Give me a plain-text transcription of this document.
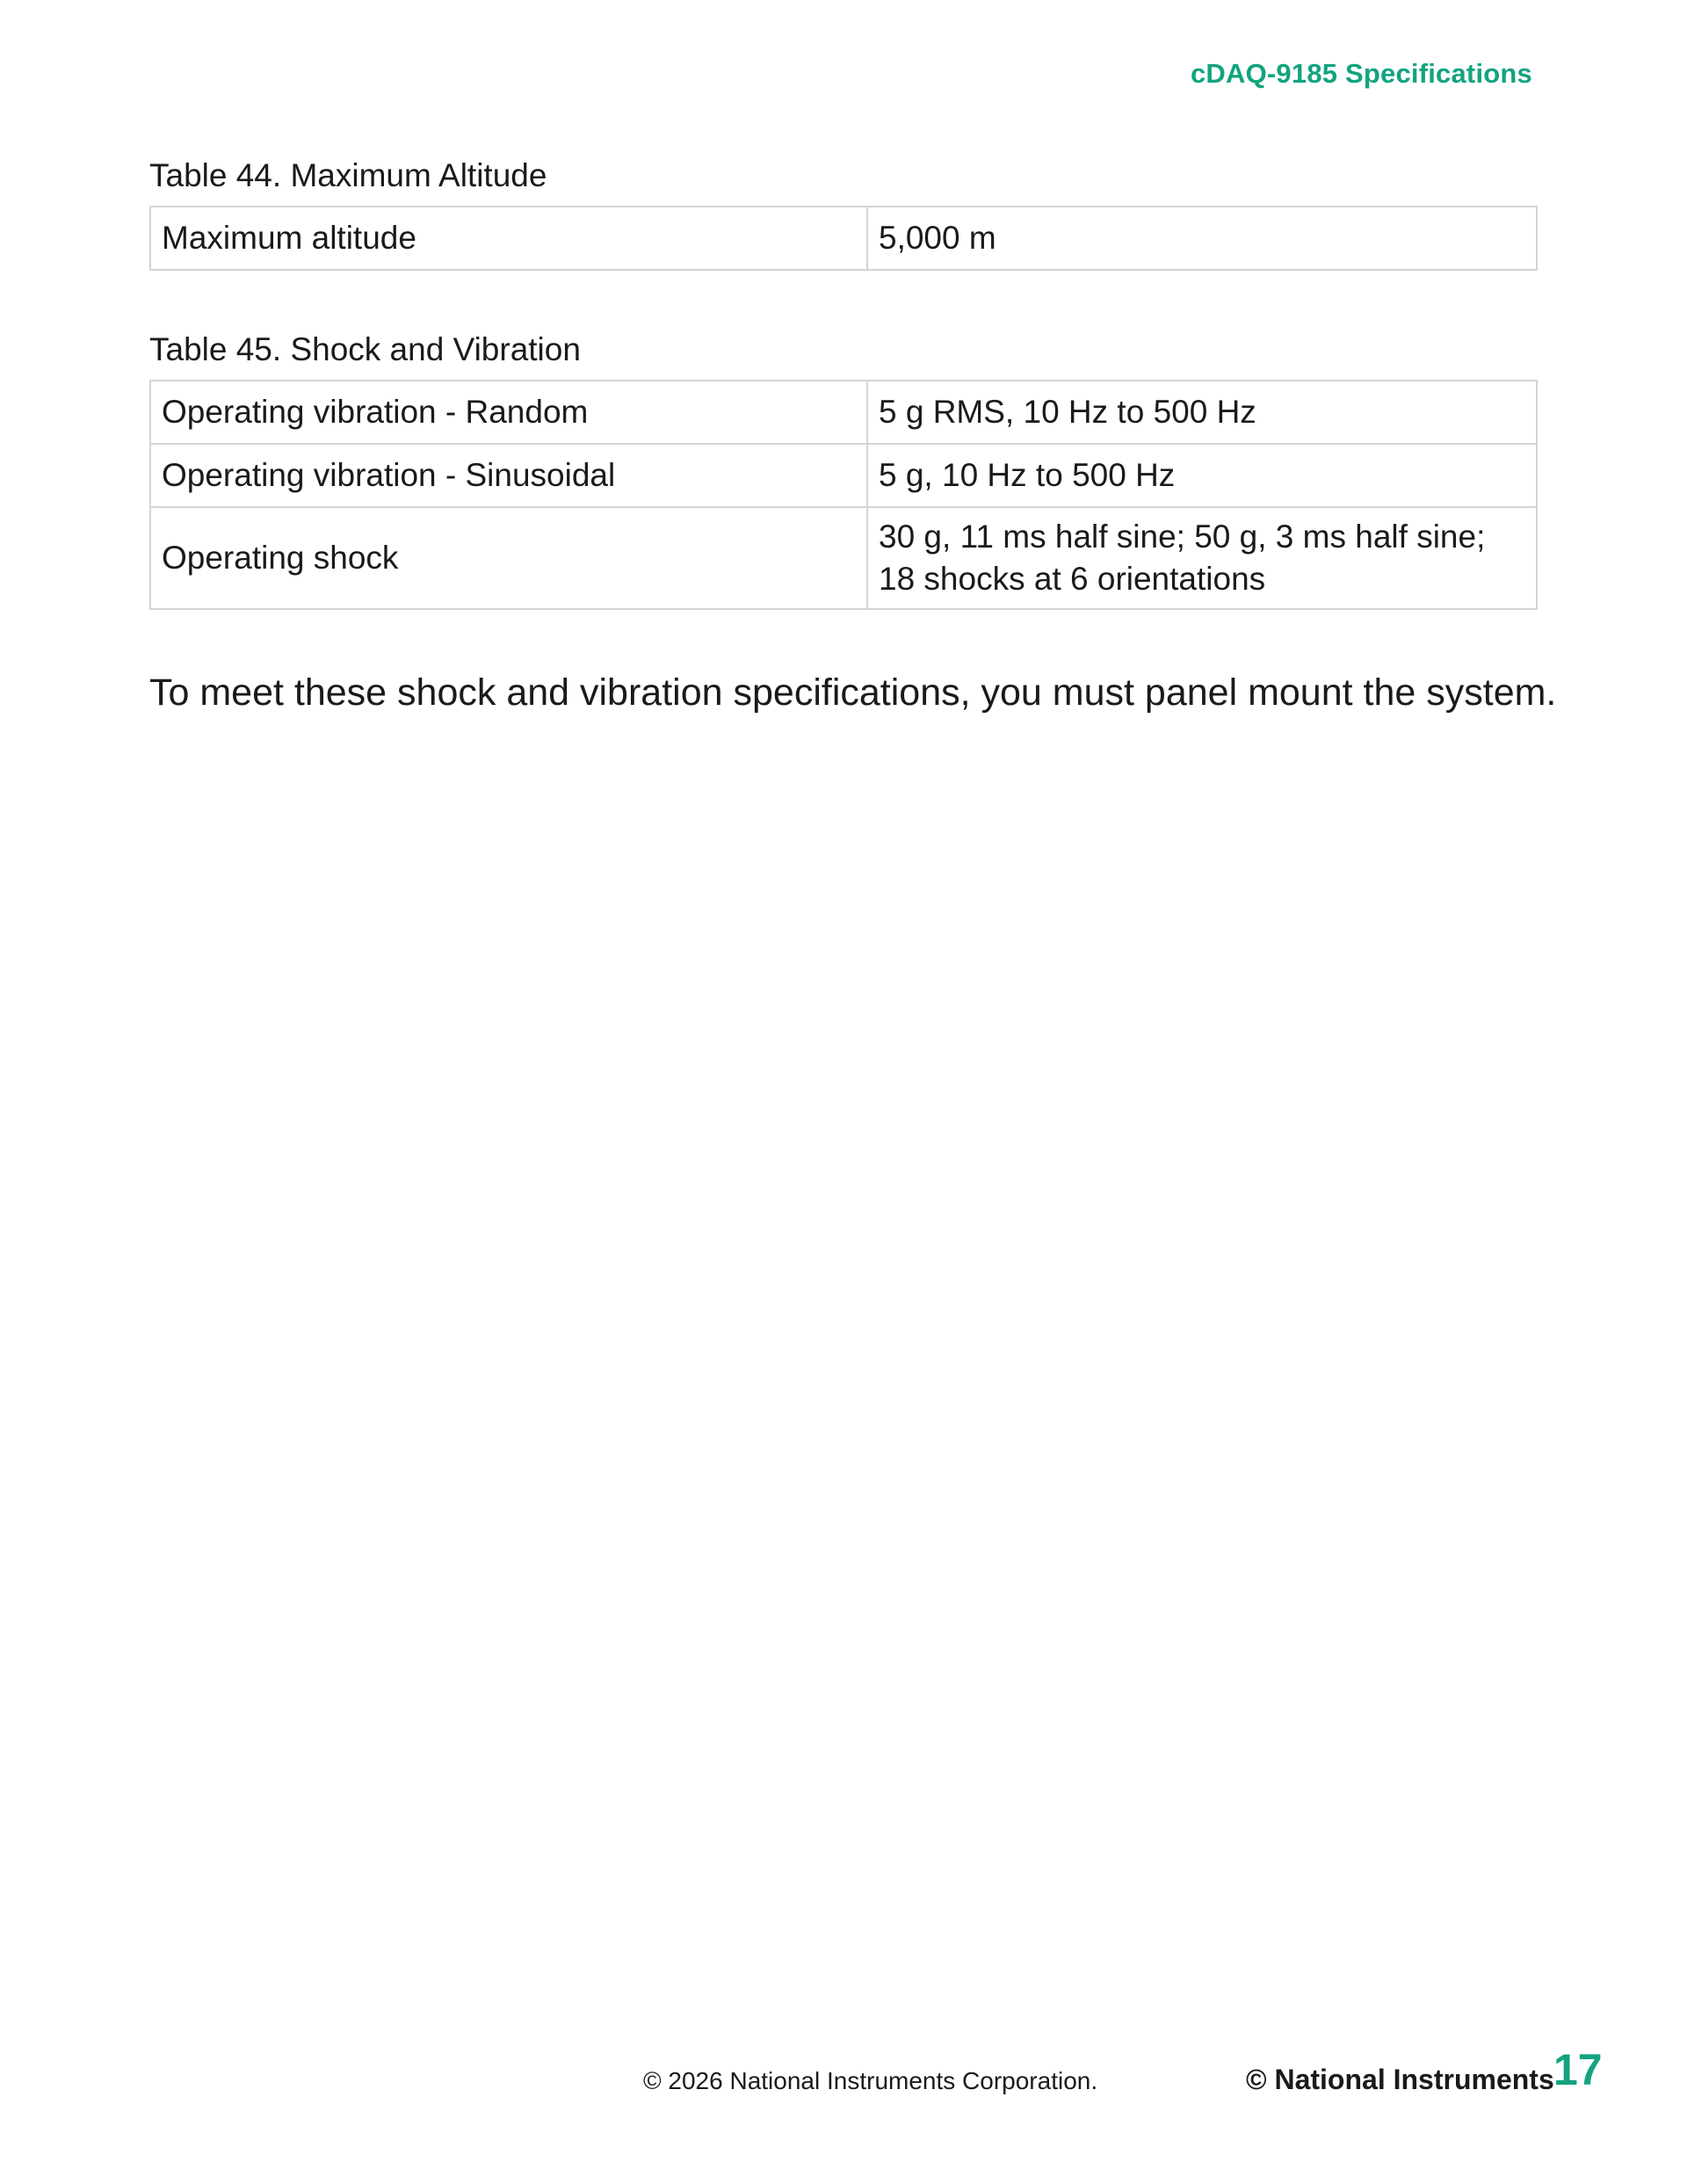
cDAQ-9185 Specifications
Table 44. Maximum Altitude
Maximum altitude	5,000 m
Table 45. Shock and Vibration
Operating vibration - Random	5 g RMS, 10 Hz to 500 Hz

Operating vibration - Sinusoidal	5 g, 10 Hz to 500 Hz

Operating shock	30 g, 11 ms half sine; 50 g, 3 ms half sine;
18 shocks at 6 orientations
To meet these shock and vibration specifications, you must panel mount the system.
© 2026 National Instruments Corporation.	© National Instruments 17
